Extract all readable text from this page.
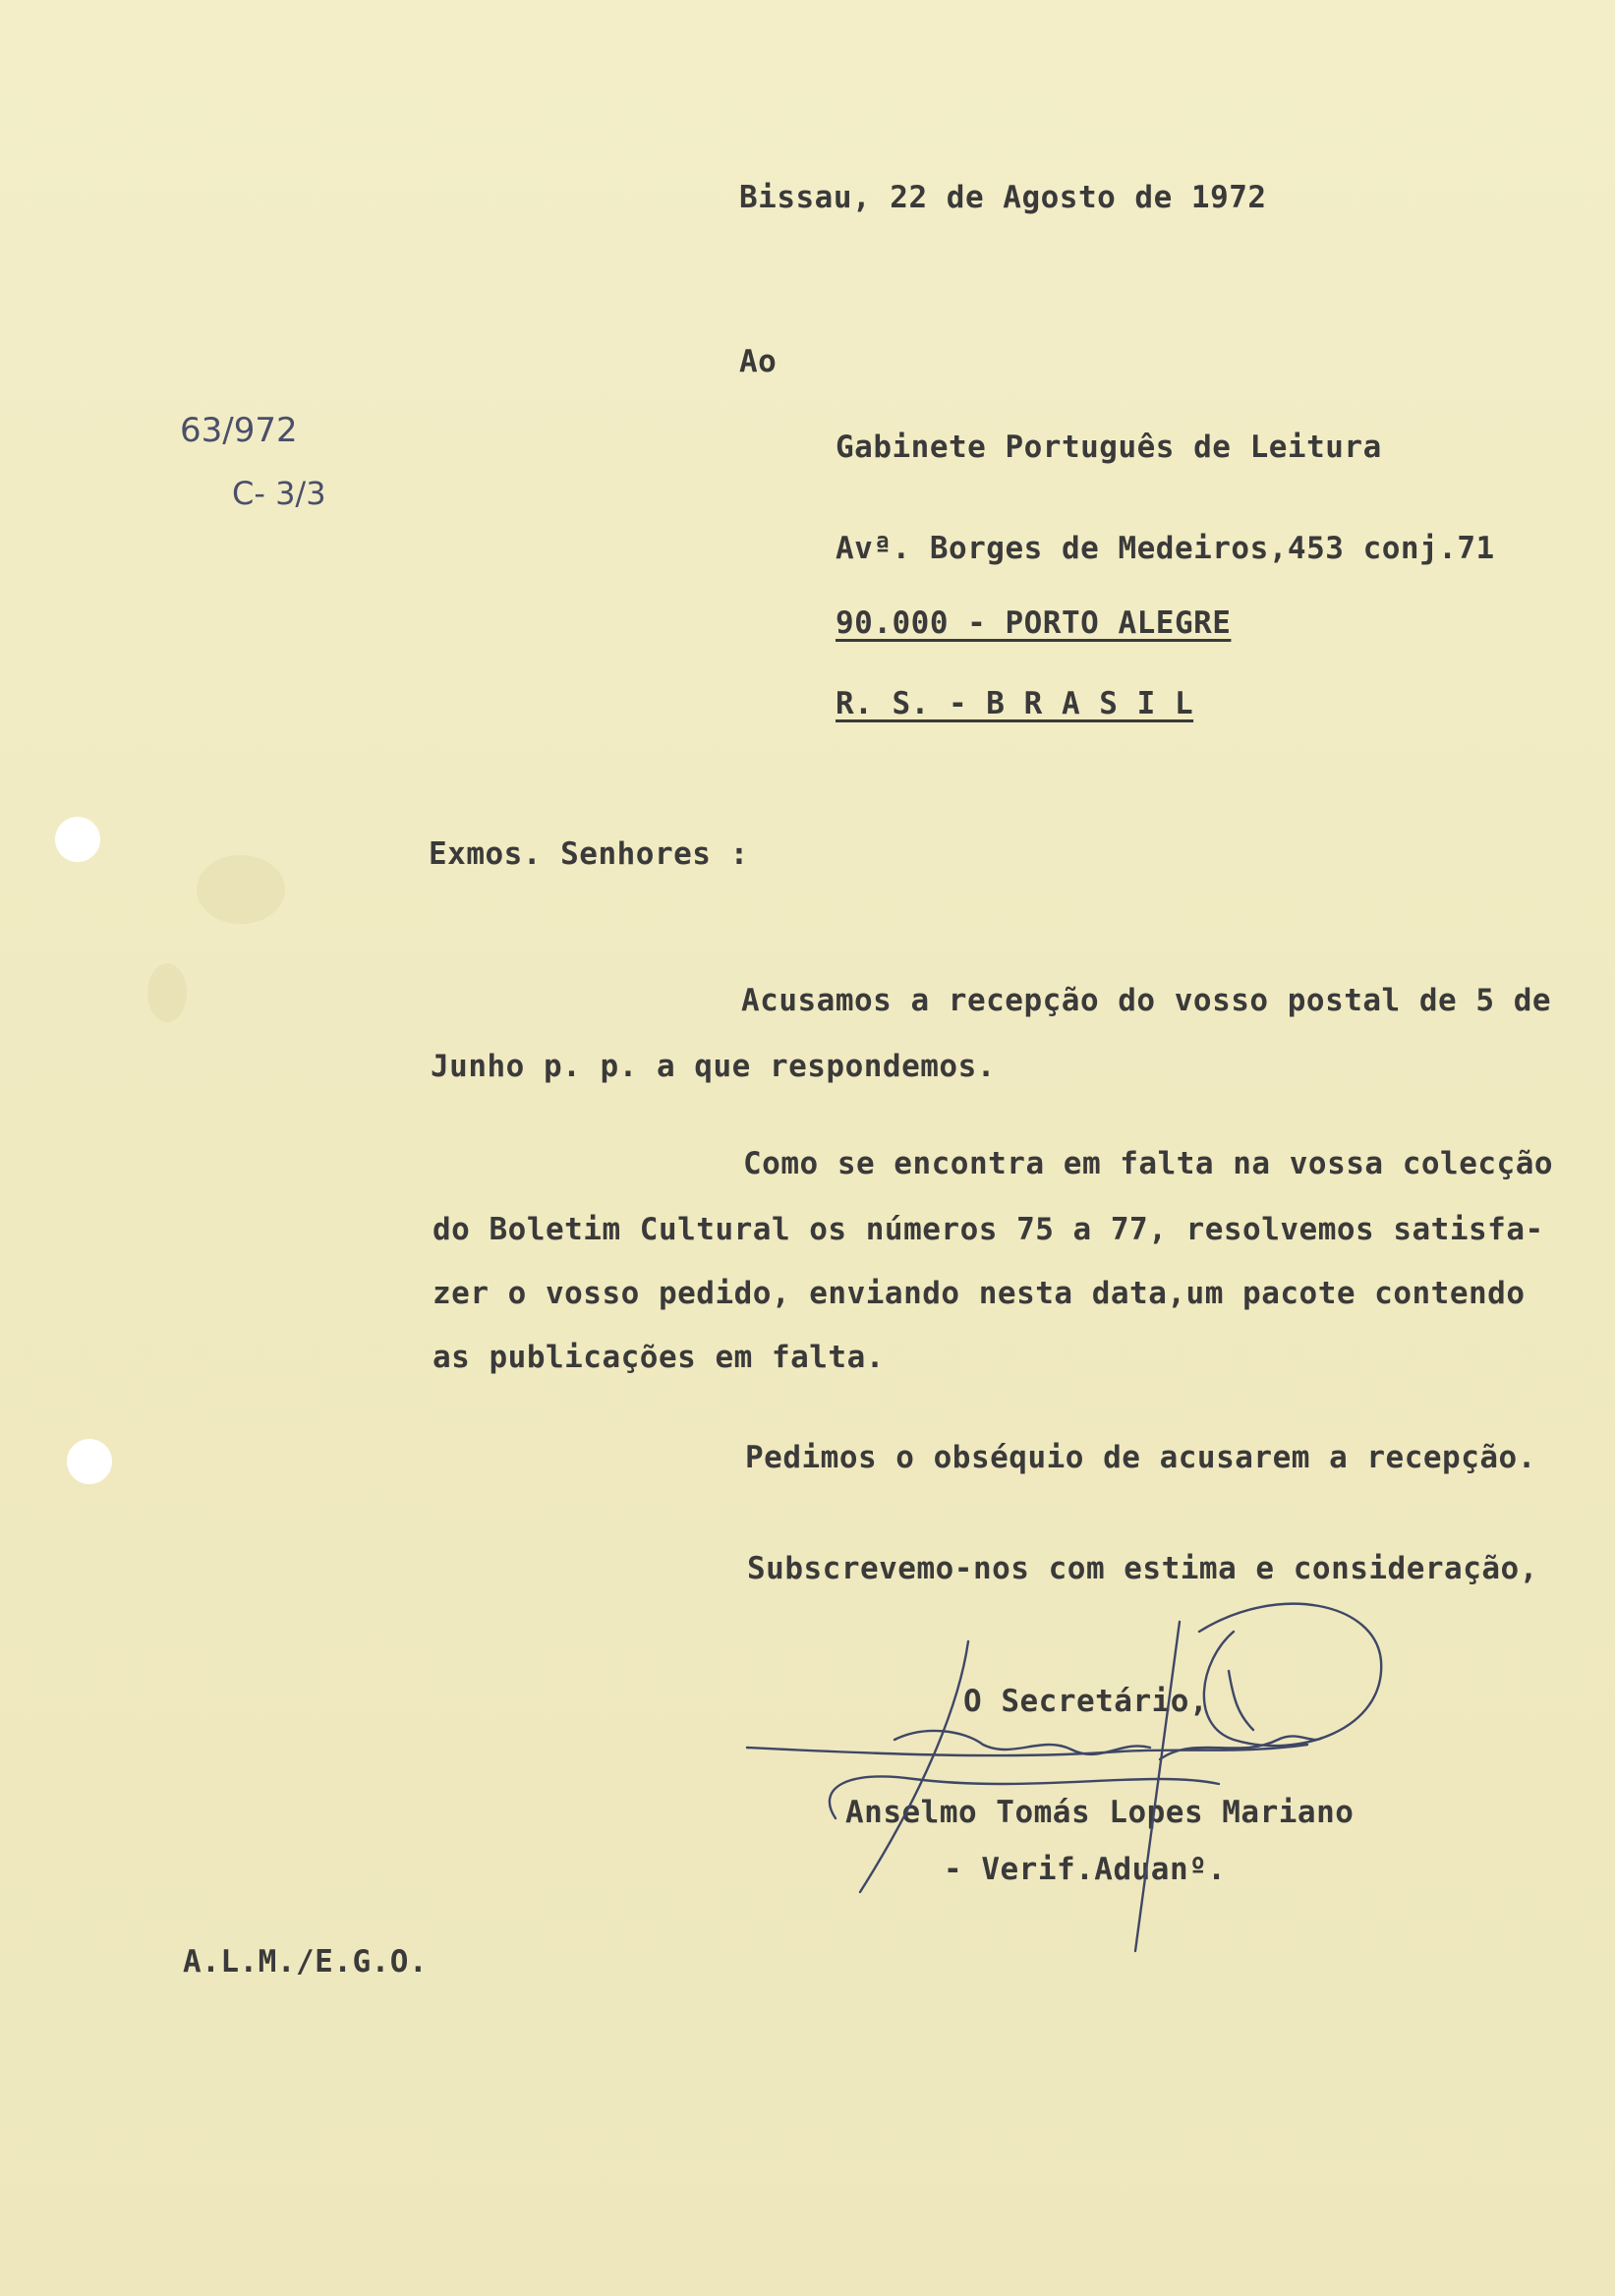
Bissau, 22 de Agosto de 1972
63/972
C- 3/3
Ao
Gabinete Português de Leitura
Avª. Borges de Medeiros,453 conj.71
90.000 - PORTO ALEGRE
R. S. - B R A S I L
Exmos. Senhores :
Acusamos a recepção do vosso postal de 5 de
Junho p. p. a que respondemos.
Como se encontra em falta na vossa colecção
do Boletim Cultural os números 75 a 77, resolvemos satisfa-
zer o vosso pedido, enviando nesta data,um pacote contendo
as publicações em falta.
Pedimos o obséquio de acusarem a recepção.
Subscrevemo-nos com estima e consideração,
O Secretário,
Anselmo Tomás Lopes Mariano
- Verif.Aduanº.
A.L.M./E.G.O.
